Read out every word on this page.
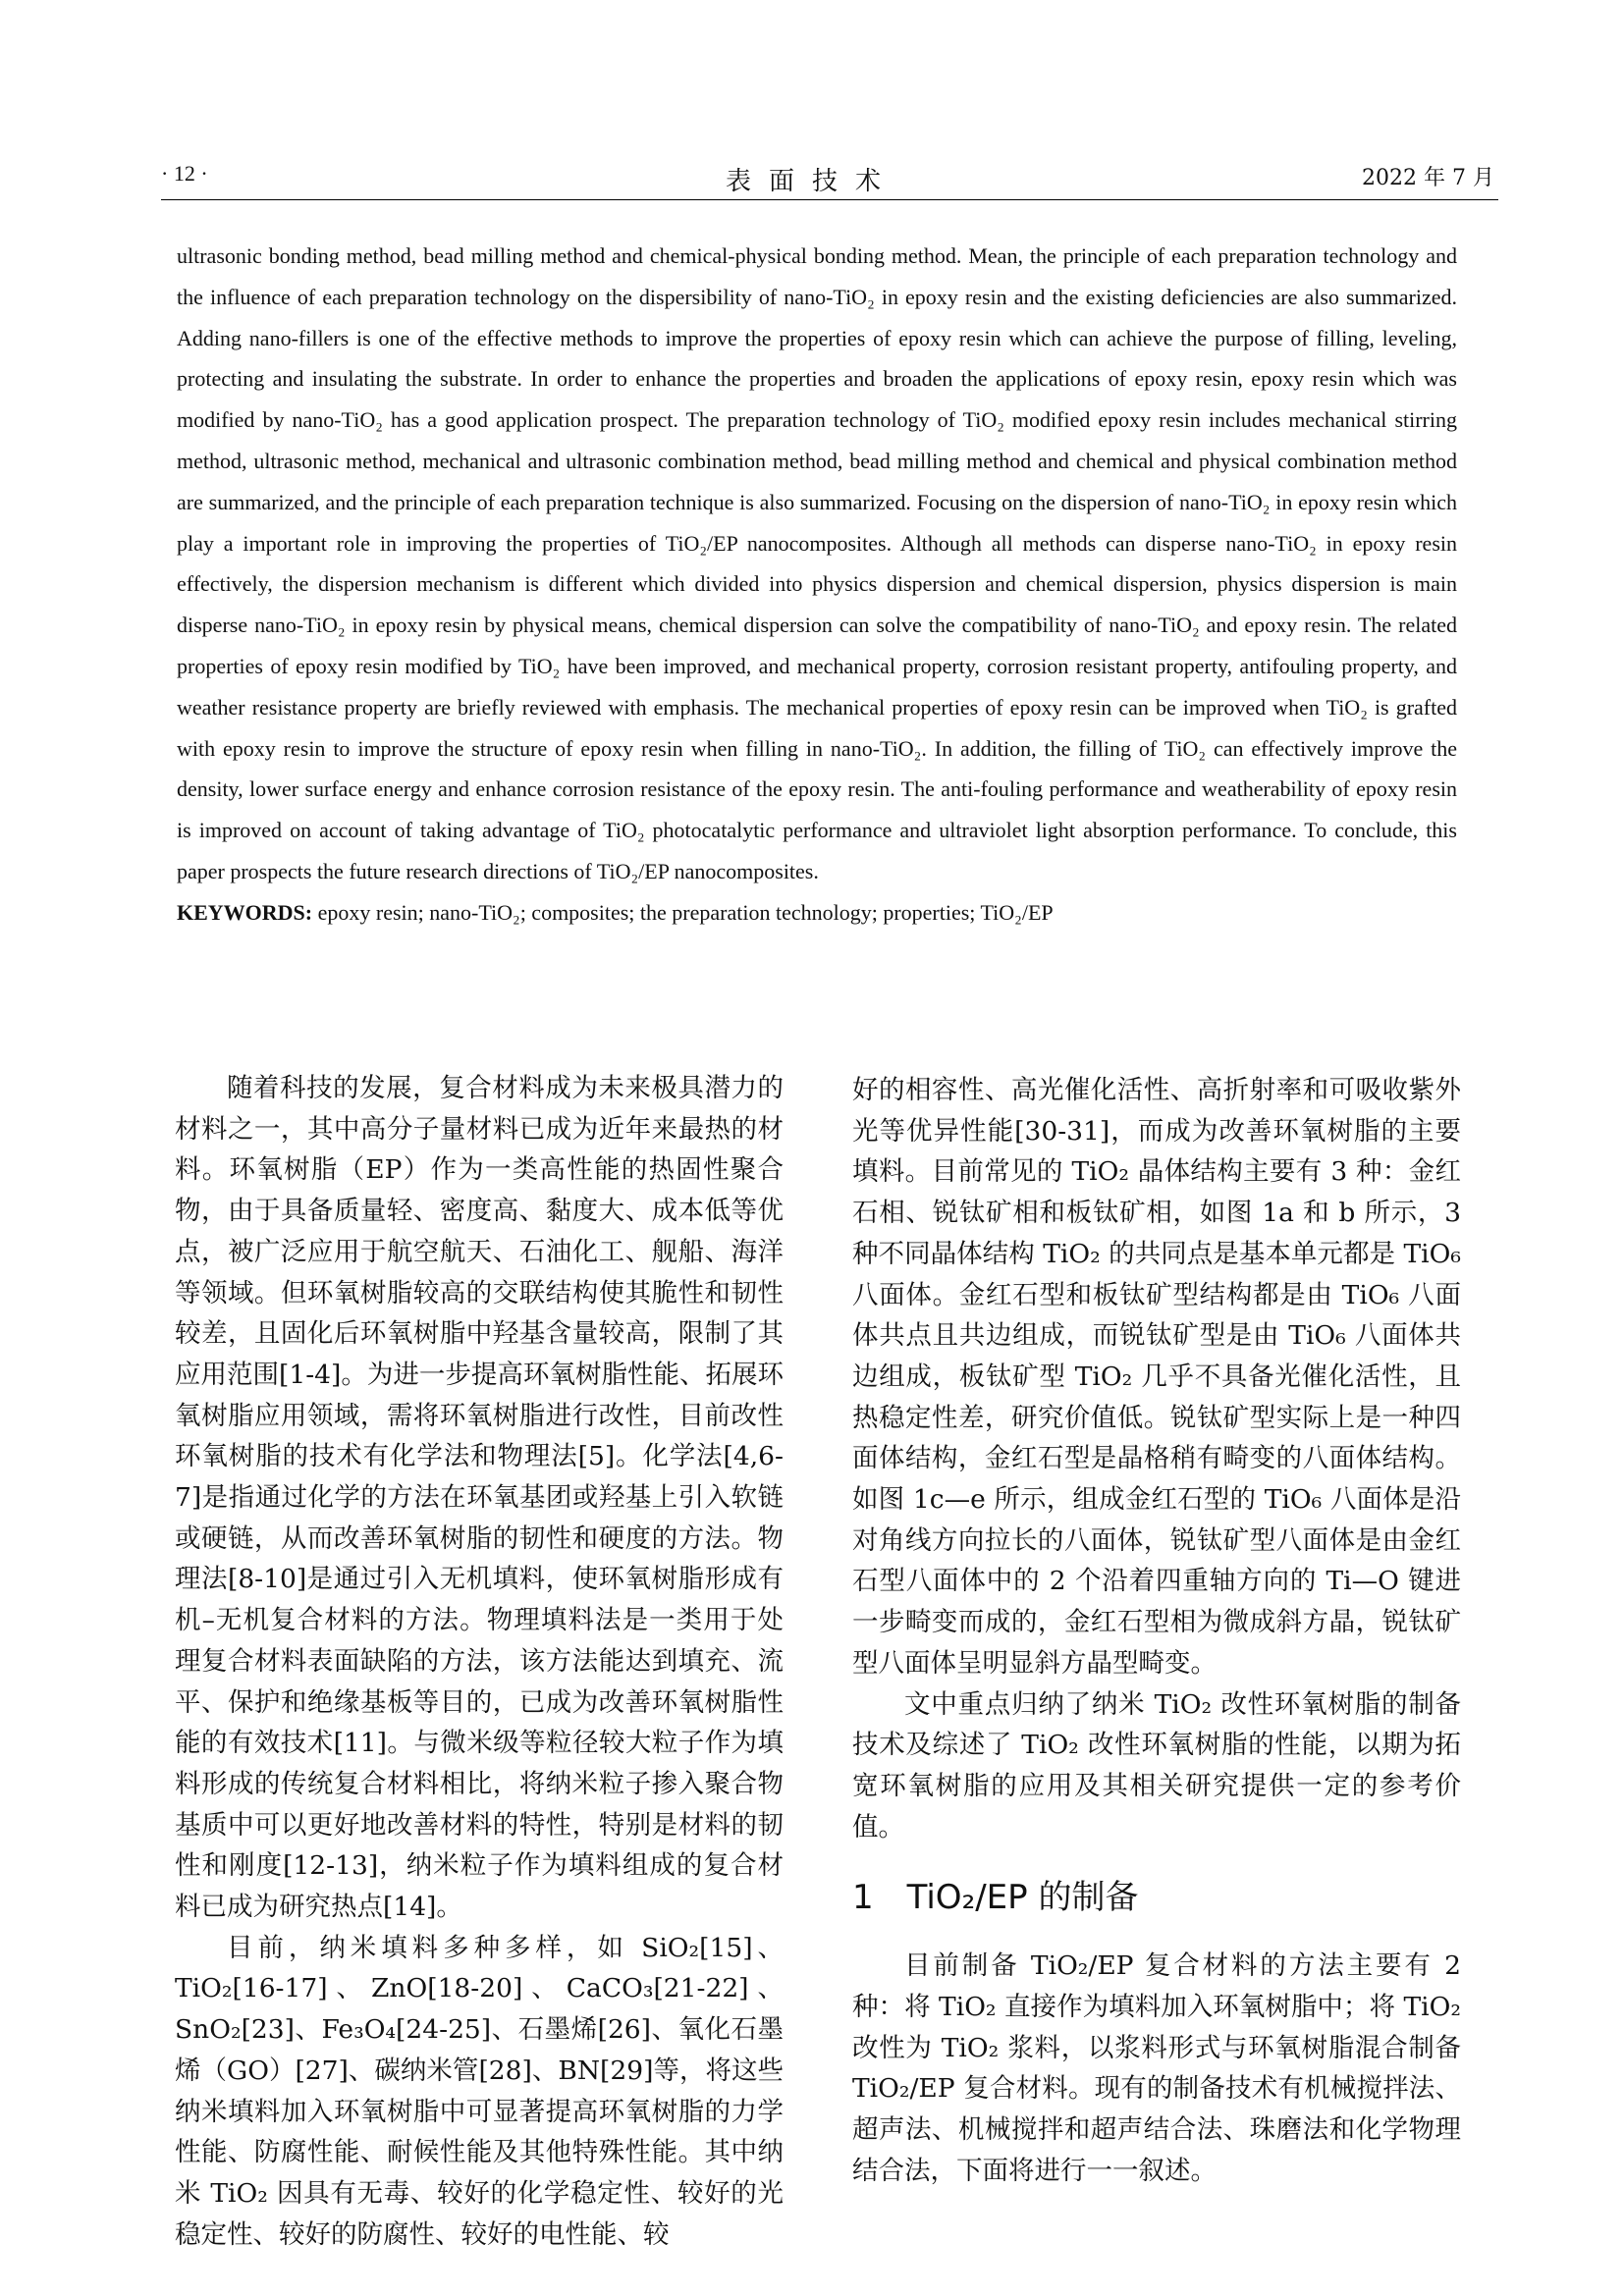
· 12 ·	表面技术	2022 年 7 月

ultrasonic bonding method, bead milling method and chemical-physical bonding method. Mean, the principle of each preparation technology and the influence of each preparation technology on the dispersibility of nano-TiO₂ in epoxy resin and the existing deficiencies are also summarized. Adding nano-fillers is one of the effective methods to improve the properties of epoxy resin which can achieve the purpose of filling, leveling, protecting and insulating the substrate. In order to enhance the properties and broaden the applications of epoxy resin, epoxy resin which was modified by nano-TiO₂ has a good application prospect. The preparation technology of TiO₂ modified epoxy resin includes mechanical stirring method, ultrasonic method, mechanical and ultrasonic combination method, bead milling method and chemical and physical combination method are summarized, and the principle of each preparation technique is also summarized. Focusing on the dispersion of nano-TiO₂ in epoxy resin which play a important role in improving the properties of TiO₂/EP nanocomposites. Although all methods can disperse nano-TiO₂ in epoxy resin effectively, the dispersion mechanism is different which divided into physics dispersion and chemical dispersion, physics dispersion is main disperse nano-TiO₂ in epoxy resin by physical means, chemical dispersion can solve the compatibility of nano-TiO₂ and epoxy resin. The related properties of epoxy resin modified by TiO₂ have been improved, and mechanical property, corrosion resistant property, antifouling property, and weather resistance property are briefly reviewed with emphasis. The mechanical properties of epoxy resin can be improved when TiO₂ is grafted with epoxy resin to improve the structure of epoxy resin when filling in nano-TiO₂. In addition, the filling of TiO₂ can effectively improve the density, lower surface energy and enhance corrosion resistance of the epoxy resin. The anti-fouling performance and weatherability of epoxy resin is improved on account of taking advantage of TiO₂ photocatalytic performance and ultraviolet light absorption performance. To conclude, this paper prospects the future research directions of TiO₂/EP nanocomposites.

KEYWORDS: epoxy resin; nano-TiO₂; composites; the preparation technology; properties; TiO₂/EP

随着科技的发展，复合材料成为未来极具潜力的材料之一，其中高分子量材料已成为近年来最热的材料。环氧树脂（EP）作为一类高性能的热固性聚合物，由于具备质量轻、密度高、黏度大、成本低等优点，被广泛应用于航空航天、石油化工、舰船、海洋等领域。但环氧树脂较高的交联结构使其脆性和韧性较差，且固化后环氧树脂中羟基含量较高，限制了其应用范围[1-4]。为进一步提高环氧树脂性能、拓展环氧树脂应用领域，需将环氧树脂进行改性，目前改性环氧树脂的技术有化学法和物理法[5]。化学法[4,6-7]是指通过化学的方法在环氧基团或羟基上引入软链或硬链，从而改善环氧树脂的韧性和硬度的方法。物理法[8-10]是通过引入无机填料，使环氧树脂形成有机–无机复合材料的方法。物理填料法是一类用于处理复合材料表面缺陷的方法，该方法能达到填充、流平、保护和绝缘基板等目的，已成为改善环氧树脂性能的有效技术[11]。与微米级等粒径较大粒子作为填料形成的传统复合材料相比，将纳米粒子掺入聚合物基质中可以更好地改善材料的特性，特别是材料的韧性和刚度[12-13]，纳米粒子作为填料组成的复合材料已成为研究热点[14]。

目前，纳米填料多种多样，如 SiO₂[15]、TiO₂[16-17]、ZnO[18-20]、CaCO₃[21-22]、SnO₂[23]、Fe₃O₄[24-25]、石墨烯[26]、氧化石墨烯（GO）[27]、碳纳米管[28]、BN[29]等，将这些纳米填料加入环氧树脂中可显著提高环氧树脂的力学性能、防腐性能、耐候性能及其他特殊性能。其中纳米 TiO₂ 因具有无毒、较好的化学稳定性、较好的光稳定性、较好的防腐性、较好的电性能、较

好的相容性、高光催化活性、高折射率和可吸收紫外光等优异性能[30-31]，而成为改善环氧树脂的主要填料。目前常见的 TiO₂ 晶体结构主要有 3 种：金红石相、锐钛矿相和板钛矿相，如图 1a 和 b 所示，3 种不同晶体结构 TiO₂ 的共同点是基本单元都是 TiO₆ 八面体。金红石型和板钛矿型结构都是由 TiO₆ 八面体共点且共边组成，而锐钛矿型是由 TiO₆ 八面体共边组成，板钛矿型 TiO₂ 几乎不具备光催化活性，且热稳定性差，研究价值低。锐钛矿型实际上是一种四面体结构，金红石型是晶格稍有畸变的八面体结构。如图 1c—e 所示，组成金红石型的 TiO₆ 八面体是沿对角线方向拉长的八面体，锐钛矿型八面体是由金红石型八面体中的 2 个沿着四重轴方向的 Ti—O 键进一步畸变而成的，金红石型相为微成斜方晶，锐钛矿型八面体呈明显斜方晶型畸变。

文中重点归纳了纳米 TiO₂ 改性环氧树脂的制备技术及综述了 TiO₂ 改性环氧树脂的性能，以期为拓宽环氧树脂的应用及其相关研究提供一定的参考价值。

1 TiO₂/EP 的制备

目前制备 TiO₂/EP 复合材料的方法主要有 2 种：将 TiO₂ 直接作为填料加入环氧树脂中；将 TiO₂ 改性为 TiO₂ 浆料，以浆料形式与环氧树脂混合制备 TiO₂/EP 复合材料。现有的制备技术有机械搅拌法、超声法、机械搅拌和超声结合法、珠磨法和化学物理结合法，下面将进行一一叙述。
